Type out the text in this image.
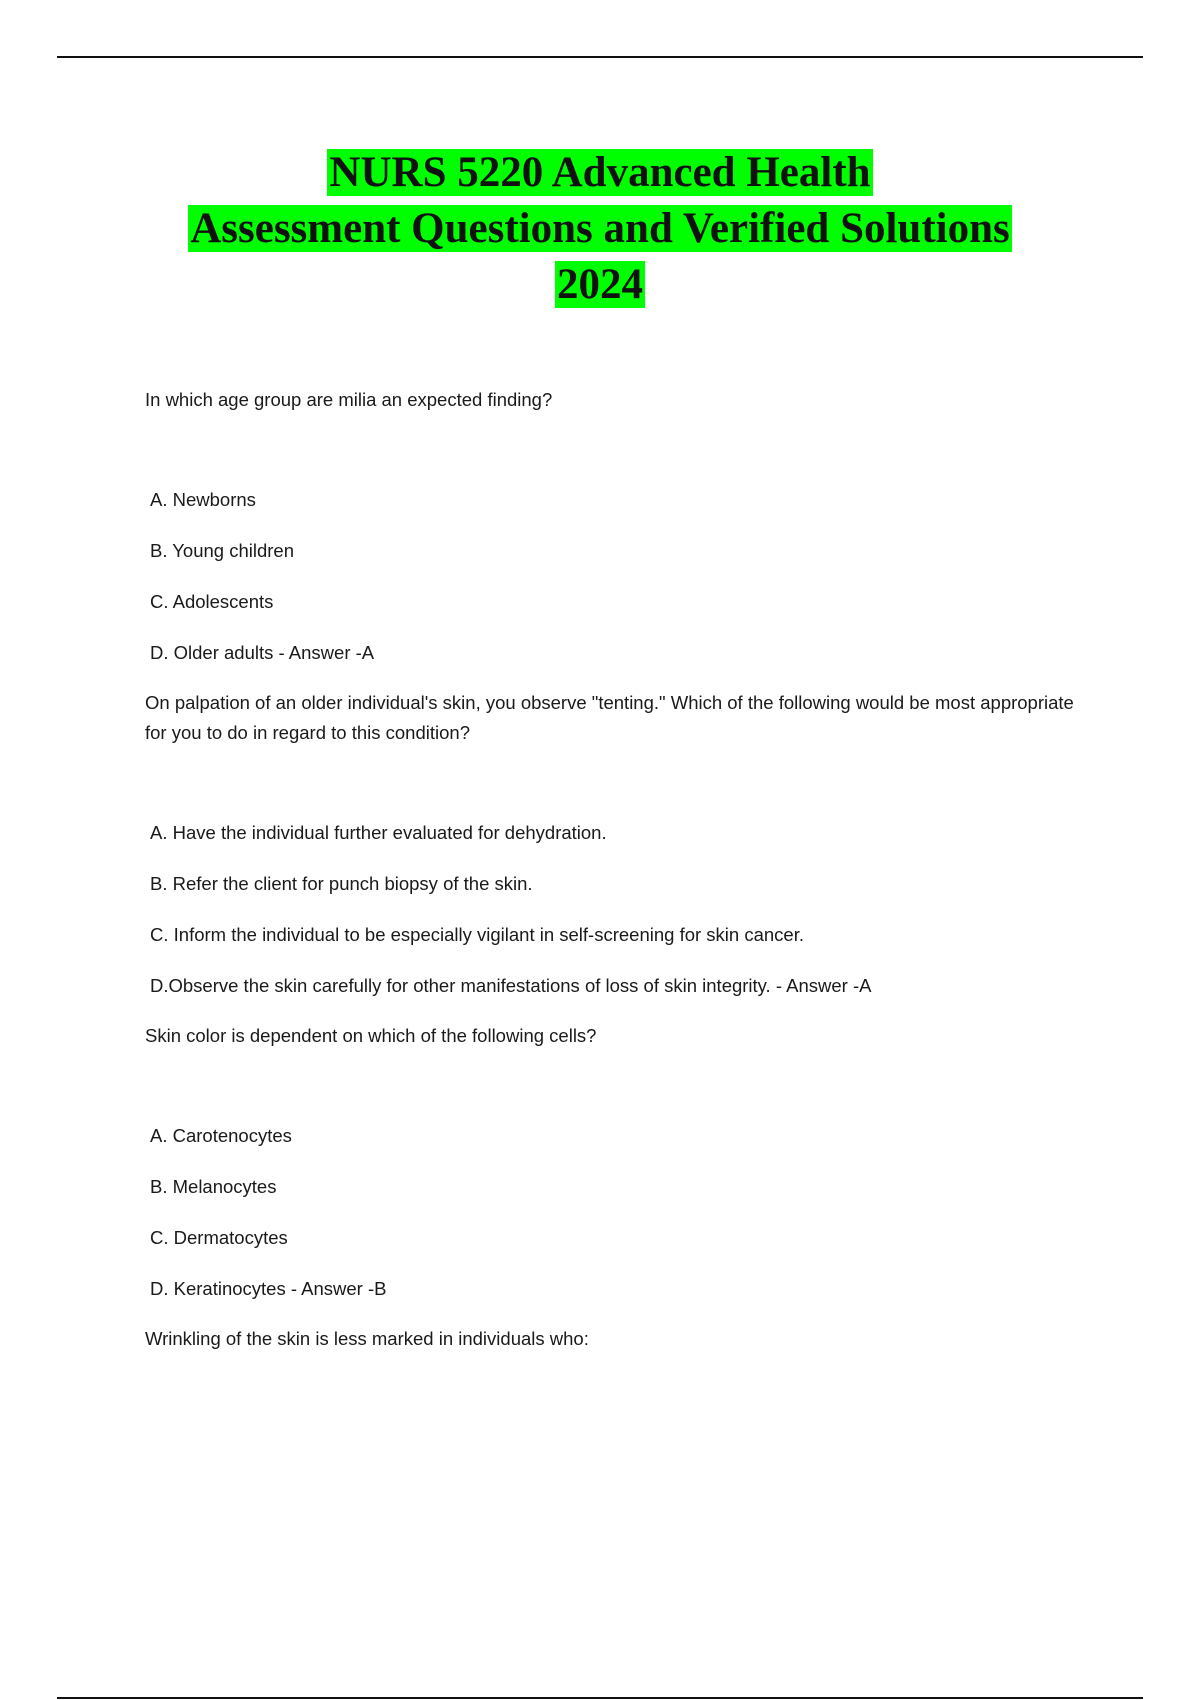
NURS 5220 Advanced Health
Assessment Questions and Verified Solutions
2024

In which age group are milia an expected finding?

A. Newborns

B. Young children

C. Adolescents

D. Older adults - Answer -A

On palpation of an older individual's skin, you observe "tenting." Which of the following would be most appropriate for you to do in regard to this condition?

A. Have the individual further evaluated for dehydration.

B. Refer the client for punch biopsy of the skin.

C. Inform the individual to be especially vigilant in self-screening for skin cancer.

D.Observe the skin carefully for other manifestations of loss of skin integrity. - Answer -A

Skin color is dependent on which of the following cells?

A. Carotenocytes

B. Melanocytes

C. Dermatocytes

D. Keratinocytes - Answer -B

Wrinkling of the skin is less marked in individuals who:
